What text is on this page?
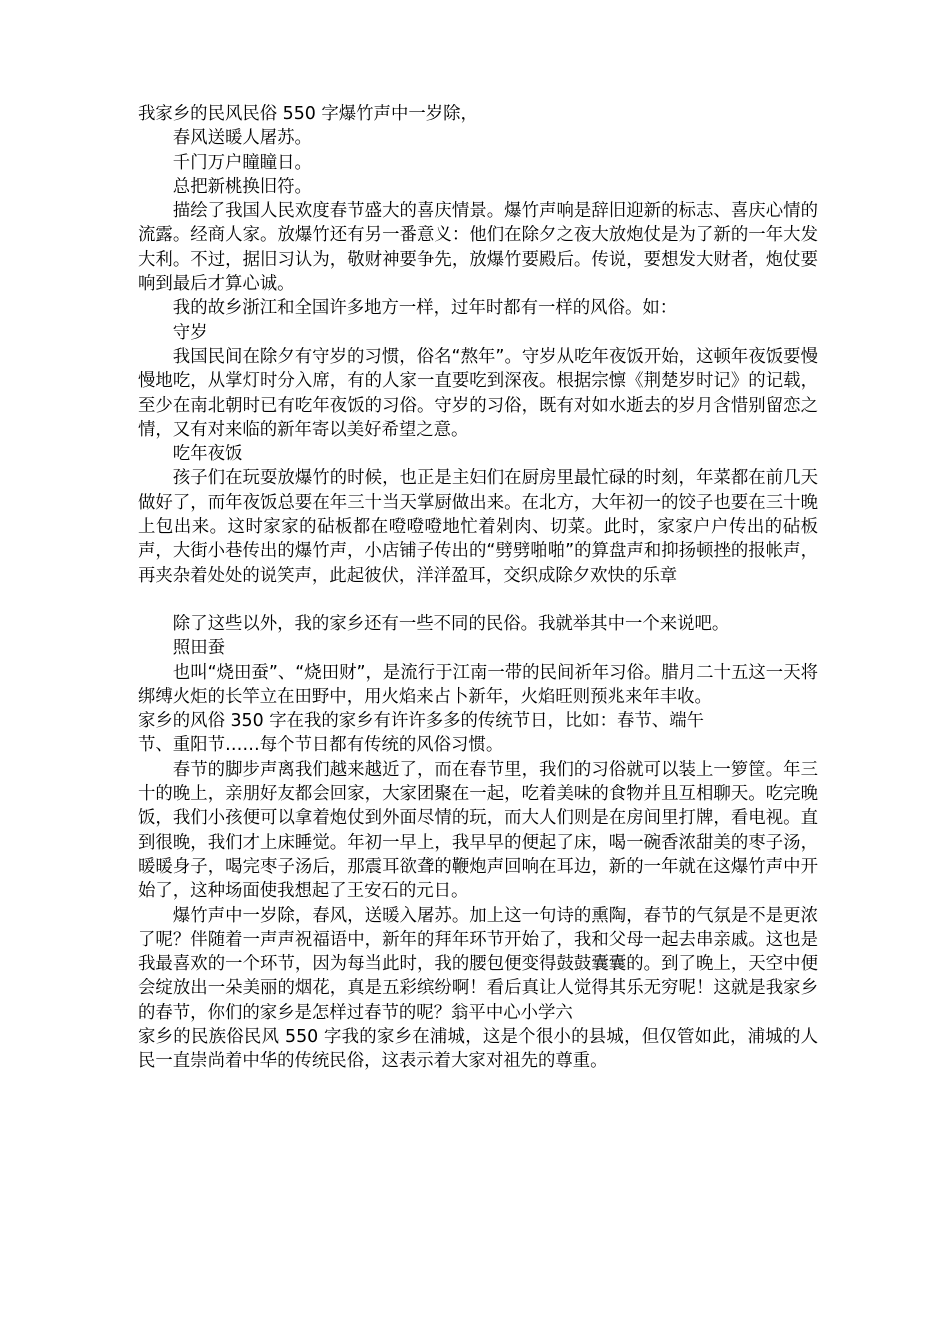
我家乡的民风民俗 550 字爆竹声中一岁除，

春风送暖人屠苏。

千门万户瞳瞳日。

总把新桃换旧符。

描绘了我国人民欢度春节盛大的喜庆情景。爆竹声响是辞旧迎新的标志、喜庆心情的流露。经商人家。放爆竹还有另一番意义：他们在除夕之夜大放炮仗是为了新的一年大发大利。不过，据旧习认为，敬财神要争先，放爆竹要殿后。传说，要想发大财者，炮仗要响到最后才算心诚。

我的故乡浙江和全国许多地方一样，过年时都有一样的风俗。如：

守岁

我国民间在除夕有守岁的习惯，俗名“熬年”。守岁从吃年夜饭开始，这顿年夜饭要慢慢地吃，从掌灯时分入席，有的人家一直要吃到深夜。根据宗懔《荆楚岁时记》的记载，至少在南北朝时已有吃年夜饭的习俗。守岁的习俗，既有对如水逝去的岁月含惜别留恋之情，又有对来临的新年寄以美好希望之意。

吃年夜饭

孩子们在玩耍放爆竹的时候，也正是主妇们在厨房里最忙碌的时刻，年菜都在前几天做好了，而年夜饭总要在年三十当天掌厨做出来。在北方，大年初一的饺子也要在三十晚上包出来。这时家家的砧板都在噔噔噔地忙着剁肉、切菜。此时，家家户户传出的砧板声，大街小巷传出的爆竹声，小店铺子传出的“劈劈啪啪”的算盘声和抑扬顿挫的报帐声，再夹杂着处处的说笑声，此起彼伏，洋洋盈耳，交织成除夕欢快的乐章

除了这些以外，我的家乡还有一些不同的民俗。我就举其中一个来说吧。

照田蚕

也叫“烧田蚕”、“烧田财”，是流行于江南一带的民间祈年习俗。腊月二十五这一天将绑缚火炬的长竿立在田野中，用火焰来占卜新年，火焰旺则预兆来年丰收。

家乡的风俗 350 字在我的家乡有许许多多的传统节日，比如：春节、端午

节、重阳节……每个节日都有传统的风俗习惯。

春节的脚步声离我们越来越近了，而在春节里，我们的习俗就可以装上一箩筐。年三十的晚上，亲朋好友都会回家，大家团聚在一起，吃着美味的食物并且互相聊天。吃完晚饭，我们小孩便可以拿着炮仗到外面尽情的玩，而大人们则是在房间里打牌，看电视。直到很晚，我们才上床睡觉。年初一早上，我早早的便起了床，喝一碗香浓甜美的枣子汤，暖暖身子，喝完枣子汤后，那震耳欲聋的鞭炮声回响在耳边，新的一年就在这爆竹声中开始了，这种场面使我想起了王安石的元日。

爆竹声中一岁除，春风，送暖入屠苏。加上这一句诗的熏陶，春节的气氛是不是更浓了呢？伴随着一声声祝福语中，新年的拜年环节开始了，我和父母一起去串亲戚。这也是我最喜欢的一个环节，因为每当此时，我的腰包便变得鼓鼓囊囊的。到了晚上，天空中便会绽放出一朵美丽的烟花，真是五彩缤纷啊！看后真让人觉得其乐无穷呢！这就是我家乡的春节，你们的家乡是怎样过春节的呢？翁平中心小学六

家乡的民族俗民风 550 字我的家乡在浦城，这是个很小的县城，但仅管如此，浦城的人民一直崇尚着中华的传统民俗，这表示着大家对祖先的尊重。
